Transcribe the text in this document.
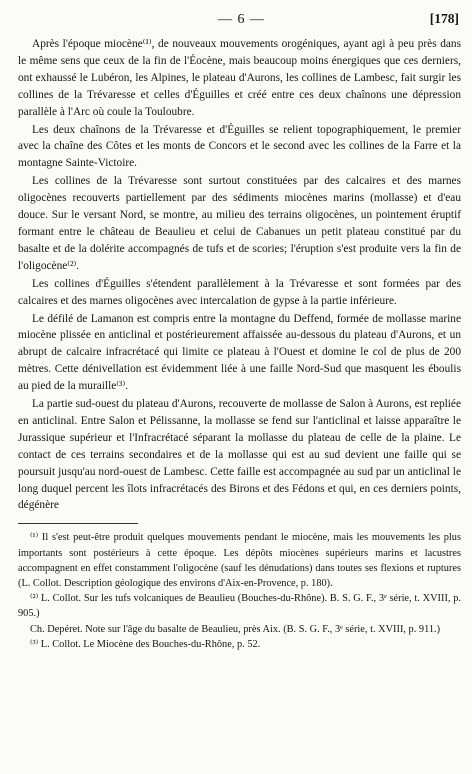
— 6 —	[178]

Après l'époque miocène⁽¹⁾, de nouveaux mouvements orogéniques, ayant agi à peu près dans le même sens que ceux de la fin de l'Éocène, mais beaucoup moins énergiques que ces derniers, ont exhaussé le Lubéron, les Alpines, le plateau d'Aurons, les collines de Lambesc, fait surgir les collines de la Trévaresse et celles d'Éguilles et créé entre ces deux chaînons une dépression parallèle à l'Arc où coule la Touloubre.

Les deux chaînons de la Trévaresse et d'Éguilles se relient topographiquement, le premier avec la chaîne des Côtes et les monts de Concors et le second avec les collines de la Farre et la montagne Sainte-Victoire.

Les collines de la Trévaresse sont surtout constituées par des calcaires et des marnes oligocènes recouverts partiellement par des sédiments miocènes marins (mollasse) et d'eau douce. Sur le versant Nord, se montre, au milieu des terrains oligocènes, un pointement éruptif formant entre le château de Beaulieu et celui de Cabanues un petit plateau constitué par du basalte et de la dolérite accompagnés de tufs et de scories; l'éruption s'est produite vers la fin de l'oligocène⁽²⁾.

Les collines d'Éguilles s'étendent parallèlement à la Trévaresse et sont formées par des calcaires et des marnes oligocènes avec intercalation de gypse à la partie inférieure.

Le défilé de Lamanon est compris entre la montagne du Deffend, formée de mollasse marine miocène plissée en anticlinal et postérieurement affaissée au-dessous du plateau d'Aurons, et un abrupt de calcaire infracrétacé qui limite ce plateau à l'Ouest et domine le col de plus de 200 mètres. Cette dénivellation est évidemment liée à une faille Nord-Sud que masquent les éboulis au pied de la muraille⁽³⁾.

La partie sud-ouest du plateau d'Aurons, recouverte de mollasse de Salon à Aurons, est repliée en anticlinal. Entre Salon et Pélissanne, la mollasse se fend sur l'anticlinal et laisse apparaître le Jurassique supérieur et l'Infracrétacé séparant la mollasse du plateau de celle de la plaine. Le contact de ces terrains secondaires et de la mollasse qui est au sud devient une faille qui se poursuit jusqu'au nord-ouest de Lambesc. Cette faille est accompagnée au sud par un anticlinal le long duquel percent les îlots infracrétacés des Birons et des Fédons et qui, en ces derniers points, dégénère

⁽¹⁾ Il s'est peut-être produit quelques mouvements pendant le miocène, mais les mouvements les plus importants sont postérieurs à cette époque. Les dépôts miocènes supérieurs marins et lacustres accompagnent en effet constamment l'oligocène (sauf les dénudations) dans toutes ses flexions et ruptures (L. Collot. Description géologique des environs d'Aix-en-Provence, p. 180).

⁽²⁾ L. Collot. Sur les tufs volcaniques de Beaulieu (Bouches-du-Rhône). B. S. G. F., 3ᵉ série, t. XVIII, p. 905.)

Ch. Depéret. Note sur l'âge du basalte de Beaulieu, près Aix. (B. S. G. F., 3ᵉ série, t. XVIII, p. 911.)

⁽³⁾ L. Collot. Le Miocène des Bouches-du-Rhône, p. 52.
